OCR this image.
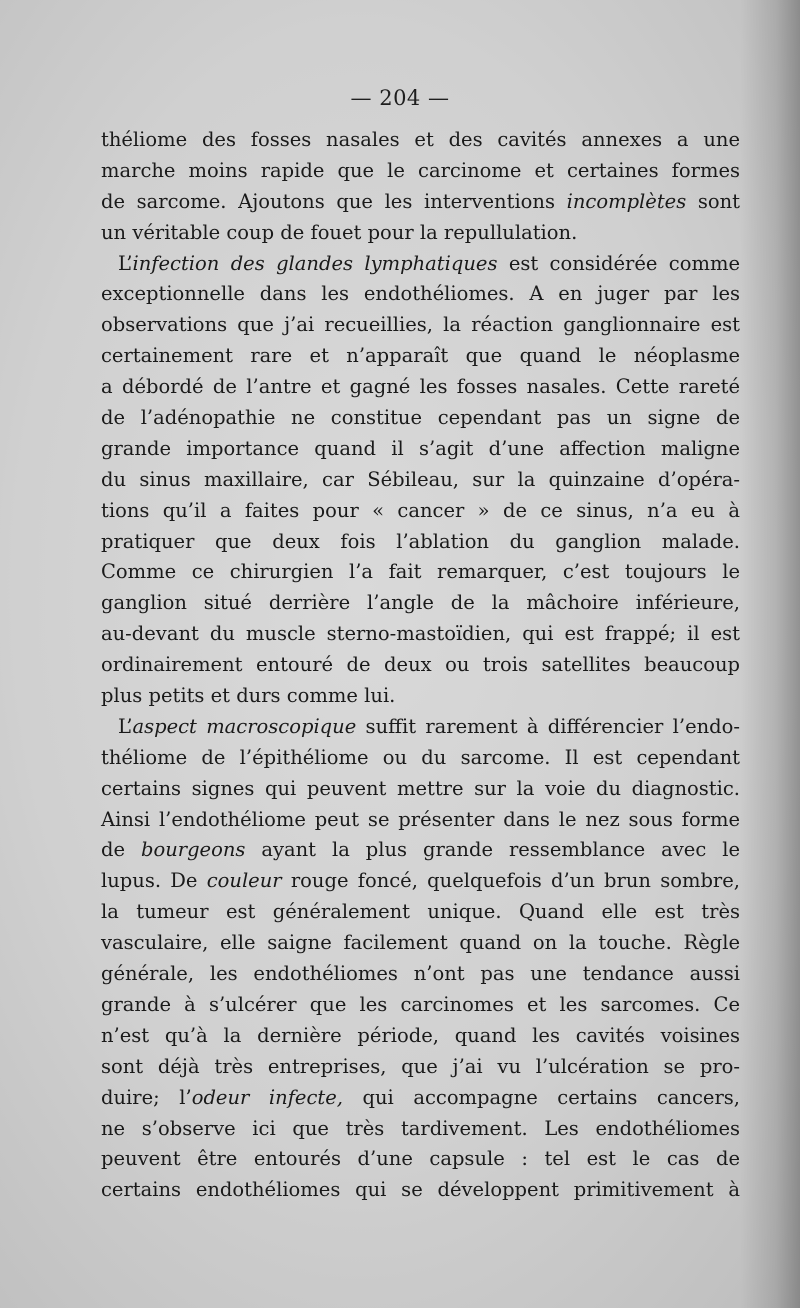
— 204 —
théliome des fosses nasales et des cavités annexes a une
marche moins rapide que le carcinome et certaines formes
de sarcome. Ajoutons que les interventions incomplètes sont
un véritable coup de fouet pour la repullulation.
L’infection des glandes lymphatiques est considérée comme
exceptionnelle dans les endothéliomes. A en juger par les
observations que j’ai recueillies, la réaction ganglionnaire est
certainement rare et n’apparaît que quand le néoplasme
a débordé de l’antre et gagné les fosses nasales. Cette rareté
de l’adénopathie ne constitue cependant pas un signe de
grande importance quand il s’agit d’une affection maligne
du sinus maxillaire, car Sébileau, sur la quinzaine d’opéra-
tions qu’il a faites pour « cancer » de ce sinus, n’a eu à
pratiquer que deux fois l’ablation du ganglion malade.
Comme ce chirurgien l’a fait remarquer, c’est toujours le
ganglion situé derrière l’angle de la mâchoire inférieure,
au-devant du muscle sterno-mastoïdien, qui est frappé; il est
ordinairement entouré de deux ou trois satellites beaucoup
plus petits et durs comme lui.
L’aspect macroscopique suffit rarement à différencier l’endo-
théliome de l’épithéliome ou du sarcome. Il est cependant
certains signes qui peuvent mettre sur la voie du diagnostic.
Ainsi l’endothéliome peut se présenter dans le nez sous forme
de bourgeons ayant la plus grande ressemblance avec le
lupus. De couleur rouge foncé, quelquefois d’un brun sombre,
la tumeur est généralement unique. Quand elle est très
vasculaire, elle saigne facilement quand on la touche. Règle
générale, les endothéliomes n’ont pas une tendance aussi
grande à s’ulcérer que les carcinomes et les sarcomes. Ce
n’est qu’à la dernière période, quand les cavités voisines
sont déjà très entreprises, que j’ai vu l’ulcération se pro-
duire; l’odeur infecte, qui accompagne certains cancers,
ne s’observe ici que très tardivement. Les endothéliomes
peuvent être entourés d’une capsule : tel est le cas de
certains endothéliomes qui se développent primitivement à
